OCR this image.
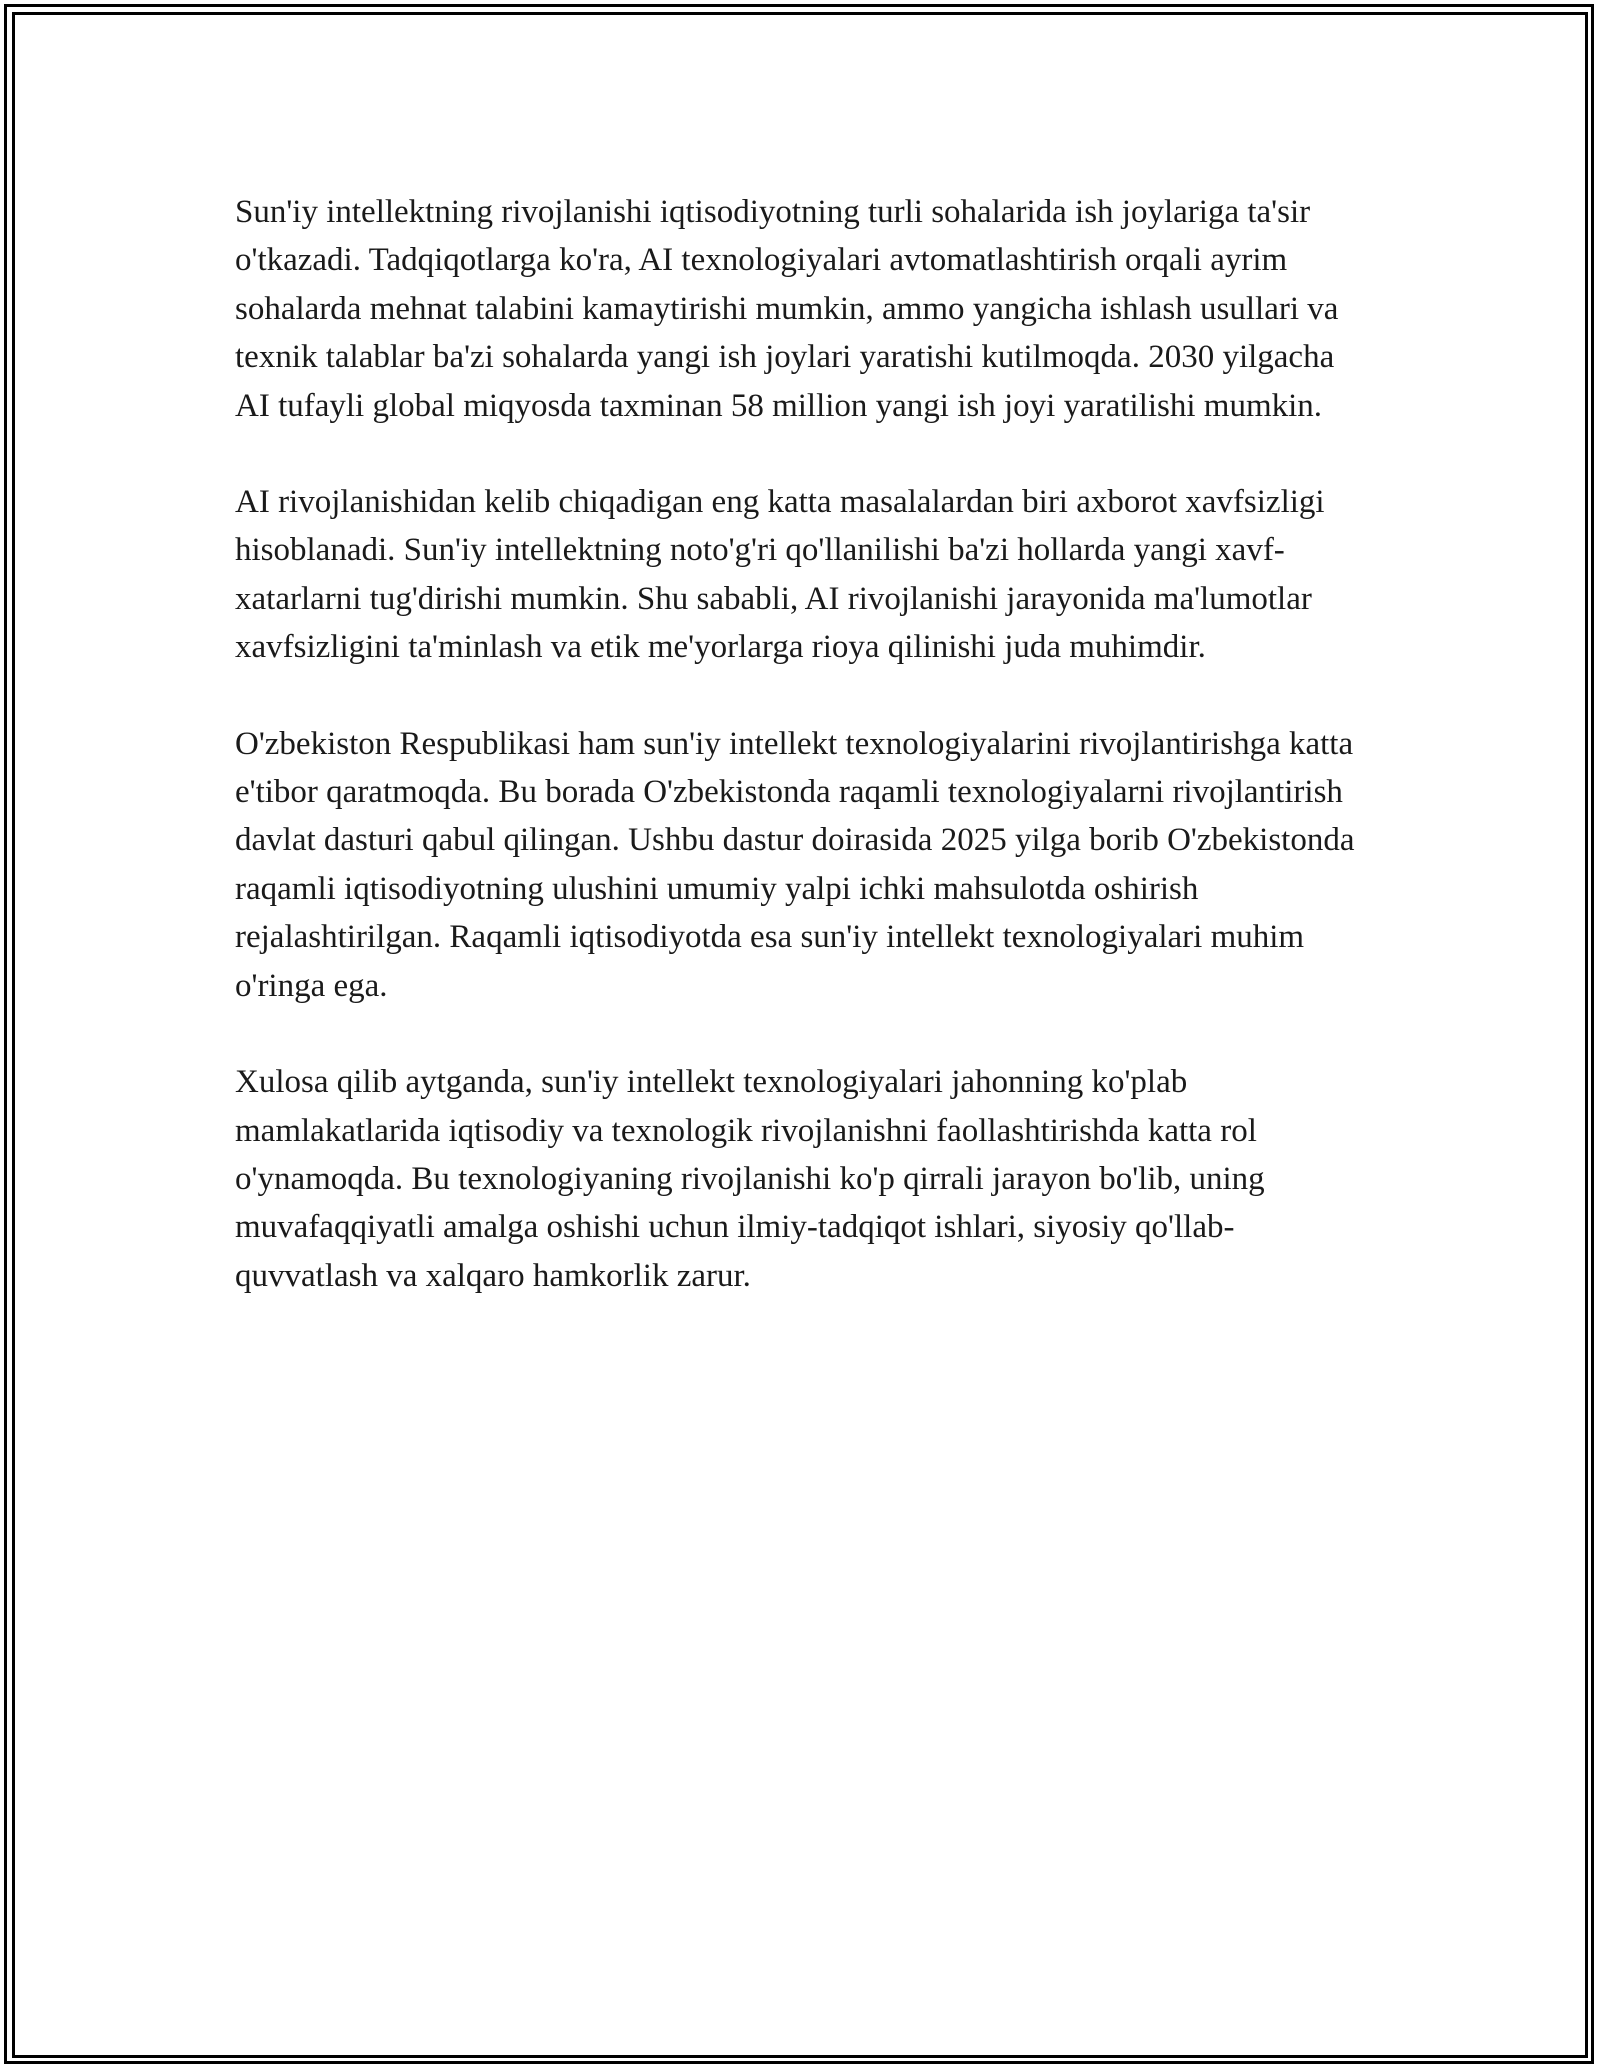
Sun'iy intellektning rivojlanishi iqtisodiyotning turli sohalarida ish joylariga ta'sir o'tkazadi. Tadqiqotlarga ko'ra, AI texnologiyalari avtomatlashtirish orqali ayrim sohalarda mehnat talabini kamaytirishi mumkin, ammo yangicha ishlash usullari va texnik talablar ba'zi sohalarda yangi ish joylari yaratishi kutilmoqda. 2030 yilgacha AI tufayli global miqyosda taxminan 58 million yangi ish joyi yaratilishi mumkin.

AI rivojlanishidan kelib chiqadigan eng katta masalalardan biri axborot xavfsizligi hisoblanadi. Sun'iy intellektning noto'g'ri qo'llanilishi ba'zi hollarda yangi xavf-xatarlarni tug'dirishi mumkin. Shu sababli, AI rivojlanishi jarayonida ma'lumotlar xavfsizligini ta'minlash va etik me'yorlarga rioya qilinishi juda muhimdir.

O'zbekiston Respublikasi ham sun'iy intellekt texnologiyalarini rivojlantirishga katta e'tibor qaratmoqda. Bu borada O'zbekistonda raqamli texnologiyalarni rivojlantirish davlat dasturi qabul qilingan. Ushbu dastur doirasida 2025 yilga borib O'zbekistonda raqamli iqtisodiyotning ulushini umumiy yalpi ichki mahsulotda oshirish rejalashtirilgan. Raqamli iqtisodiyotda esa sun'iy intellekt texnologiyalari muhim o'ringa ega.

Xulosa qilib aytganda, sun'iy intellekt texnologiyalari jahonning ko'plab mamlakatlarida iqtisodiy va texnologik rivojlanishni faollashtirishda katta rol o'ynamoqda. Bu texnologiyaning rivojlanishi ko'p qirrali jarayon bo'lib, uning muvafaqqiyatli amalga oshishi uchun ilmiy-tadqiqot ishlari, siyosiy qo'llab-quvvatlash va xalqaro hamkorlik zarur.
